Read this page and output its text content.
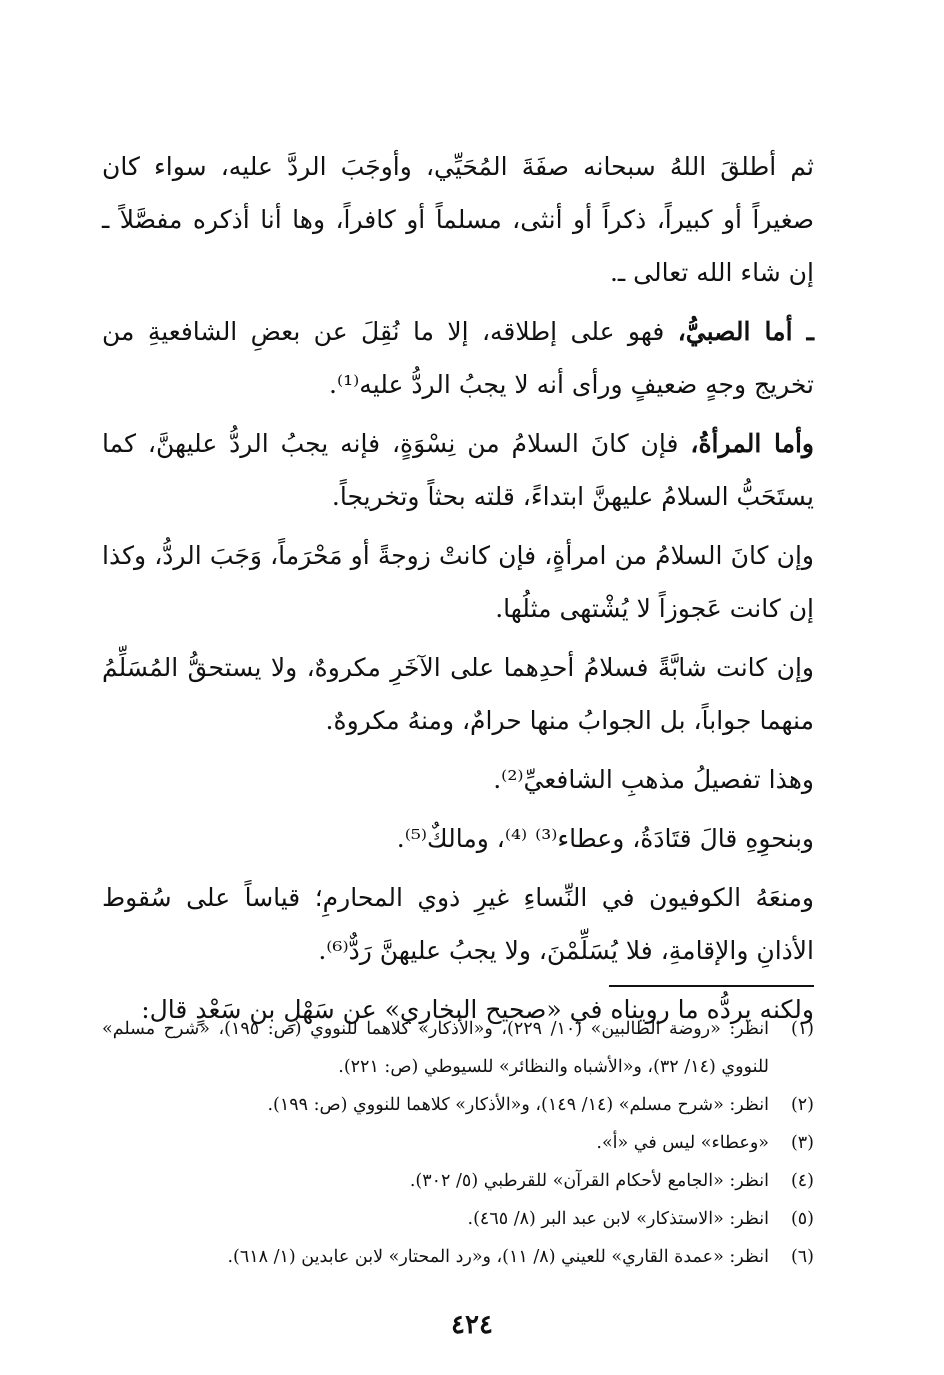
ثم أطلقَ اللهُ سبحانه صفَةَ المُحَيِّي، وأوجَبَ الردَّ عليه، سواء كان صغيراً أو كبيراً، ذكراً أو أنثى، مسلماً أو كافراً، وها أنا أذكره مفصَّلاً ـ إن شاء الله تعالى ـ.

ـ أما الصبيُّ، فهو على إطلاقه، إلا ما نُقِلَ عن بعضِ الشافعيةِ من تخريج وجهٍ ضعيفٍ ورأى أنه لا يجبُ الردُّ عليه⁽¹⁾.

وأما المرأةُ، فإن كانَ السلامُ من نِسْوَةٍ، فإنه يجبُ الردُّ عليهنَّ، كما يستَحَبُّ السلامُ عليهنَّ ابتداءً، قلته بحثاً وتخريجاً.

وإن كانَ السلامُ من امرأةٍ، فإن كانتْ زوجةً أو مَحْرَماً، وَجَبَ الردُّ، وكذا إن كانت عَجوزاً لا يُشْتهى مثلُها.

وإن كانت شابَّةً فسلامُ أحدِهما على الآخَرِ مكروهٌ، ولا يستحقُّ المُسَلِّمُ منهما جواباً، بل الجوابُ منها حرامٌ، ومنهُ مكروهٌ.

وهذا تفصيلُ مذهبِ الشافعيِّ⁽²⁾.

وبنحوِهِ قالَ قتَادَةُ، وعطاء⁽³⁾ ⁽⁴⁾، ومالكٌ⁽⁵⁾.

ومنعَهُ الكوفيون في النِّساءِ غيرِ ذوي المحارمِ؛ قياساً على سُقوط الأذانِ والإقامةِ، فلا يُسَلِّمْنَ، ولا يجبُ عليهنَّ رَدٌّ⁽⁶⁾.

ولكنه يردُّه ما رويناه في «صحيح البخاري» عن سَهْلِ بن سَعْدٍ قال:

(١)
انظر: «روضة الطالبين» (١٠/ ٢٢٩)، و«الأذكار» كلاهما للنووي (ص: ١٩٥)، «شرح مسلم» للنووي (١٤/ ٣٢)، و«الأشباه والنظائر» للسيوطي (ص: ٢٢١).
(٢)
انظر: «شرح مسلم» (١٤/ ١٤٩)، و«الأذكار» كلاهما للنووي (ص: ١٩٩).
(٣)
«وعطاء» ليس في «أ».
(٤)
انظر: «الجامع لأحكام القرآن» للقرطبي (٥/ ٣٠٢).
(٥)
انظر: «الاستذكار» لابن عبد البر (٨/ ٤٦٥).
(٦)
انظر: «عمدة القاري» للعيني (٨/ ١١)، و«رد المحتار» لابن عابدين (١/ ٦١٨).
٤٢٤
